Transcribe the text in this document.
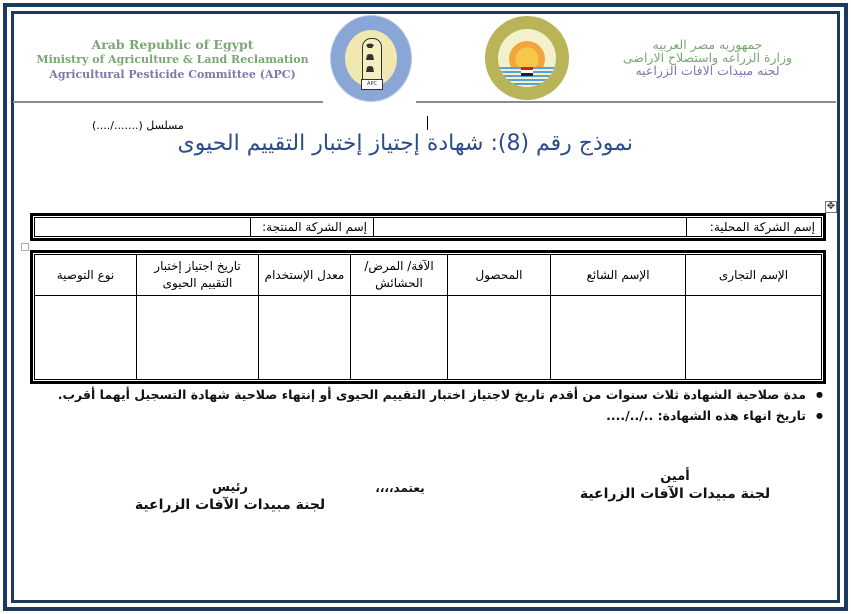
Arab Republic of Egypt
Ministry of Agriculture & Land Reclamation
Agricultural Pesticide Committee (APC)
APC
جمهوريه مصر العربيه
وزارة الزراعه واستصلاح الاراضى
لجنه مبيدات الافات الزراعيه
مسلسل (......./....)
نموذج رقم (8): شهادة إجتياز إختبار التقييم الحيوى
✥
إسم الشركة المحلية:		إسم الشركة المنتجة:	
الإسم التجارى	الإسم الشائع	المحصول	الآفة/ المرض/ الحشائش	معدل الإستخدام	تاريخ اجتياز إختبار التقييم الحيوى	نوع التوصية

● مدة صلاحية الشهادة ثلاث سنوات من أقدم تاريخ لاجتياز اختبار التقييم الحيوى أو إنتهاء صلاحية شهادة التسجيل أيهما أقرب.
● تاريخ انهاء هذه الشهادة: ../../....
أمين
لجنة مبيدات الآفات الزراعية
يعتمد،،،،
رئيس
لجنة مبيدات الآفات الزراعية
